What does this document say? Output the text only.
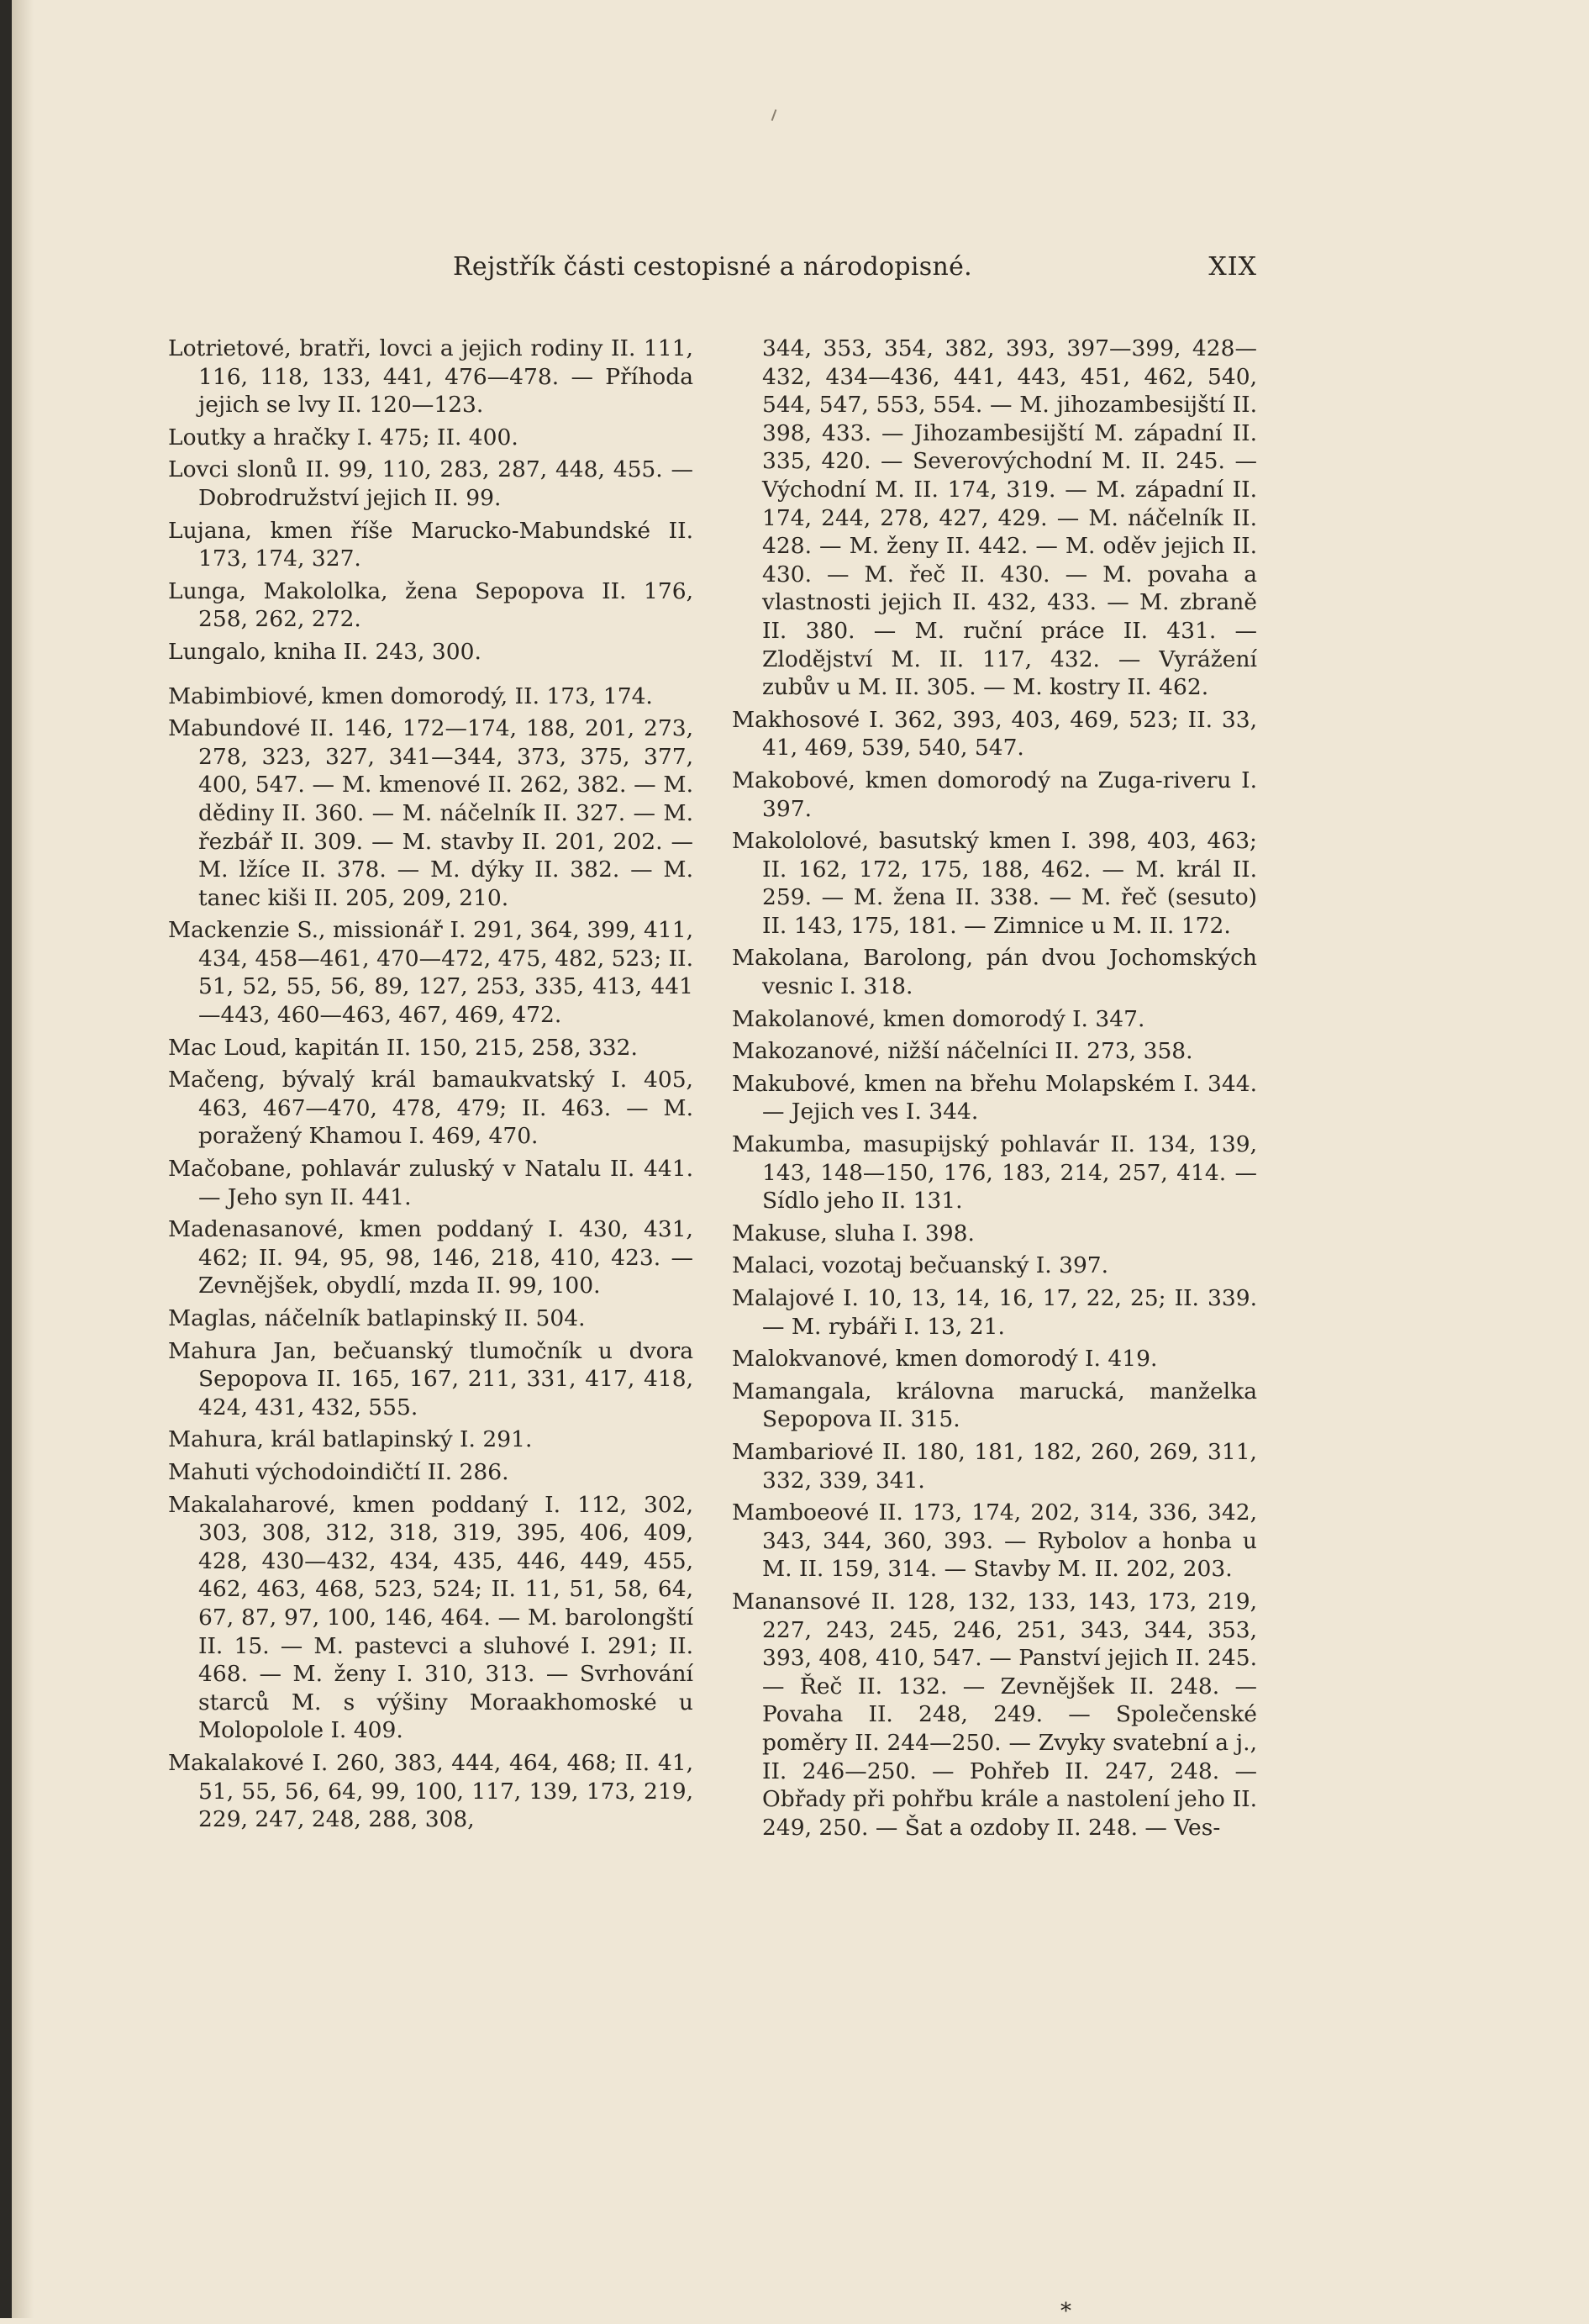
Rejstřík části cestopisné a národopisné.	XIX

Lotrietové, bratři, lovci a jejich rodiny II. 111, 116, 118, 133, 441, 476—478. — Příhoda jejich se lvy II. 120—123.

Loutky a hračky I. 475; II. 400.

Lovci slonů II. 99, 110, 283, 287, 448, 455. — Dobrodružství jejich II. 99.

Lujana, kmen říše Marucko-Mabundské II. 173, 174, 327.

Lunga, Makololka, žena Sepopova II. 176, 258, 262, 272.

Lungalo, kniha II. 243, 300.

Mabimbiové, kmen domorodý, II. 173, 174.

Mabundové II. 146, 172—174, 188, 201, 273, 278, 323, 327, 341—344, 373, 375, 377, 400, 547. — M. kmenové II. 262, 382. — M. dědiny II. 360. — M. náčelník II. 327. — M. řezbář II. 309. — M. stavby II. 201, 202. — M. lžíce II. 378. — M. dýky II. 382. — M. tanec kiši II. 205, 209, 210.

Mackenzie S., missionář I. 291, 364, 399, 411, 434, 458—461, 470—472, 475, 482, 523; II. 51, 52, 55, 56, 89, 127, 253, 335, 413, 441—443, 460—463, 467, 469, 472.

Mac Loud, kapitán II. 150, 215, 258, 332.

Mačeng, bývalý král bamaukvatský I. 405, 463, 467—470, 478, 479; II. 463. — M. poražený Khamou I. 469, 470.

Mačobane, pohlavár zuluský v Natalu II. 441. — Jeho syn II. 441.

Madenasanové, kmen poddaný I. 430, 431, 462; II. 94, 95, 98, 146, 218, 410, 423. — Zevnějšek, obydlí, mzda II. 99, 100.

Maglas, náčelník batlapinský II. 504.

Mahura Jan, bečuanský tlumočník u dvora Sepopova II. 165, 167, 211, 331, 417, 418, 424, 431, 432, 555.

Mahura, král batlapinský I. 291.

Mahuti východoindičtí II. 286.

Makalaharové, kmen poddaný I. 112, 302, 303, 308, 312, 318, 319, 395, 406, 409, 428, 430—432, 434, 435, 446, 449, 455, 462, 463, 468, 523, 524; II. 11, 51, 58, 64, 67, 87, 97, 100, 146, 464. — M. barolongští II. 15. — M. pastevci a sluhové I. 291; II. 468. — M. ženy I. 310, 313. — Svrhování starců M. s výšiny Moraakhomoské u Molopolole I. 409.

Makalakové I. 260, 383, 444, 464, 468; II. 41, 51, 55, 56, 64, 99, 100, 117, 139, 173, 219, 229, 247, 248, 288, 308,

344, 353, 354, 382, 393, 397—399, 428—432, 434—436, 441, 443, 451, 462, 540, 544, 547, 553, 554. — M. jihozambesijští II. 398, 433. — Jihozambesijští M. západní II. 335, 420. — Severovýchodní M. II. 245. — Východní M. II. 174, 319. — M. západní II. 174, 244, 278, 427, 429. — M. náčelník II. 428. — M. ženy II. 442. — M. oděv jejich II. 430. — M. řeč II. 430. — M. povaha a vlastnosti jejich II. 432, 433. — M. zbraně II. 380. — M. ruční práce II. 431. — Zlodějství M. II. 117, 432. — Vyrážení zubův u M. II. 305. — M. kostry II. 462.

Makhosové I. 362, 393, 403, 469, 523; II. 33, 41, 469, 539, 540, 547.

Makobové, kmen domorodý na Zuga-riveru I. 397.

Makololové, basutský kmen I. 398, 403, 463; II. 162, 172, 175, 188, 462. — M. král II. 259. — M. žena II. 338. — M. řeč (sesuto) II. 143, 175, 181. — Zimnice u M. II. 172.

Makolana, Barolong, pán dvou Jochomských vesnic I. 318.

Makolanové, kmen domorodý I. 347.

Makozanové, nižší náčelníci II. 273, 358.

Makubové, kmen na břehu Molapském I. 344. — Jejich ves I. 344.

Makumba, masupijský pohlavár II. 134, 139, 143, 148—150, 176, 183, 214, 257, 414. — Sídlo jeho II. 131.

Makuse, sluha I. 398.

Malaci, vozotaj bečuanský I. 397.

Malajové I. 10, 13, 14, 16, 17, 22, 25; II. 339. — M. rybáři I. 13, 21.

Malokvanové, kmen domorodý I. 419.

Mamangala, královna marucká, manželka Sepopova II. 315.

Mambariové II. 180, 181, 182, 260, 269, 311, 332, 339, 341.

Mamboeové II. 173, 174, 202, 314, 336, 342, 343, 344, 360, 393. — Rybolov a honba u M. II. 159, 314. — Stavby M. II. 202, 203.

Manansové II. 128, 132, 133, 143, 173, 219, 227, 243, 245, 246, 251, 343, 344, 353, 393, 408, 410, 547. — Panství jejich II. 245. — Řeč II. 132. — Zevnějšek II. 248. — Povaha II. 248, 249. — Společenské poměry II. 244—250. — Zvyky svatební a j., II. 246—250. — Pohřeb II. 247, 248. — Obřady při pohřbu krále a nastolení jeho II. 249, 250. — Šat a ozdoby II. 248. — Ves-

*
